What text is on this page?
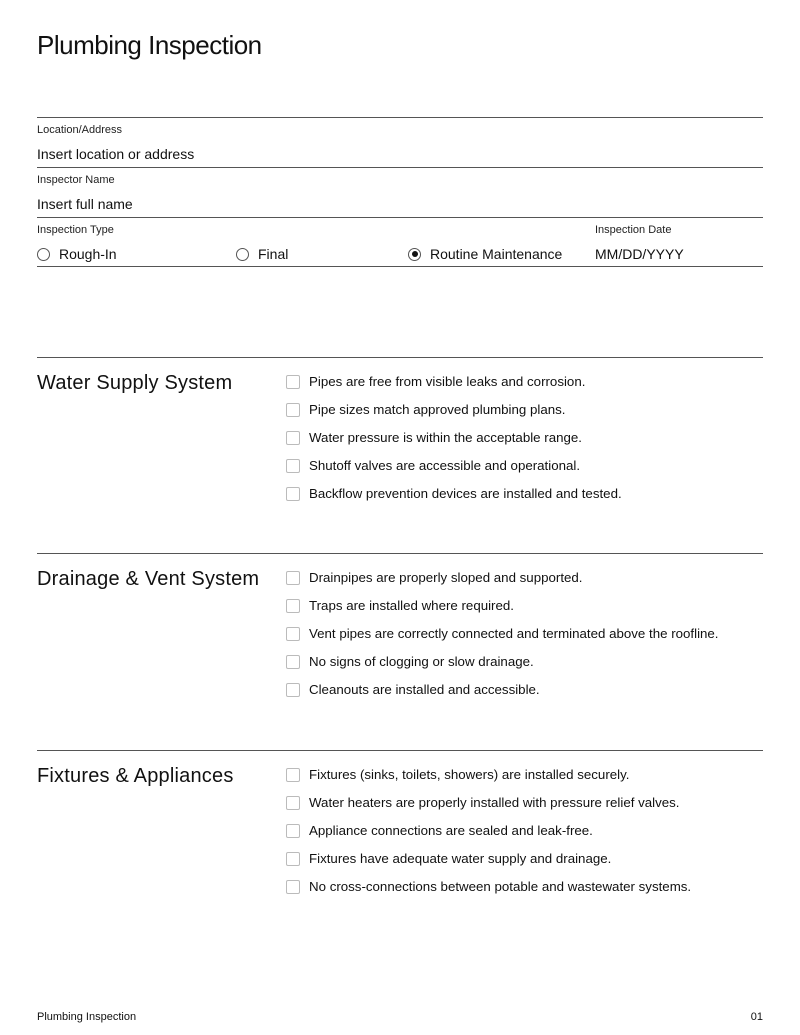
Plumbing Inspection
Location/Address
Insert location or address
Inspector Name
Insert full name
Inspection Type
Rough-In	Final	Routine Maintenance
Inspection Date
MM/DD/YYYY
Water Supply System	Pipes are free from visible leaks and corrosion.
Pipe sizes match approved plumbing plans.
Water pressure is within the acceptable range.
Shutoff valves are accessible and operational.
Backflow prevention devices are installed and tested.
Drainage & Vent System	Drainpipes are properly sloped and supported.
Traps are installed where required.
Vent pipes are correctly connected and terminated above the roofline.
No signs of clogging or slow drainage.
Cleanouts are installed and accessible.
Fixtures & Appliances	Fixtures (sinks, toilets, showers) are installed securely.
Water heaters are properly installed with pressure relief valves.
Appliance connections are sealed and leak-free.
Fixtures have adequate water supply and drainage.
No cross-connections between potable and wastewater systems.
Plumbing Inspection	01
